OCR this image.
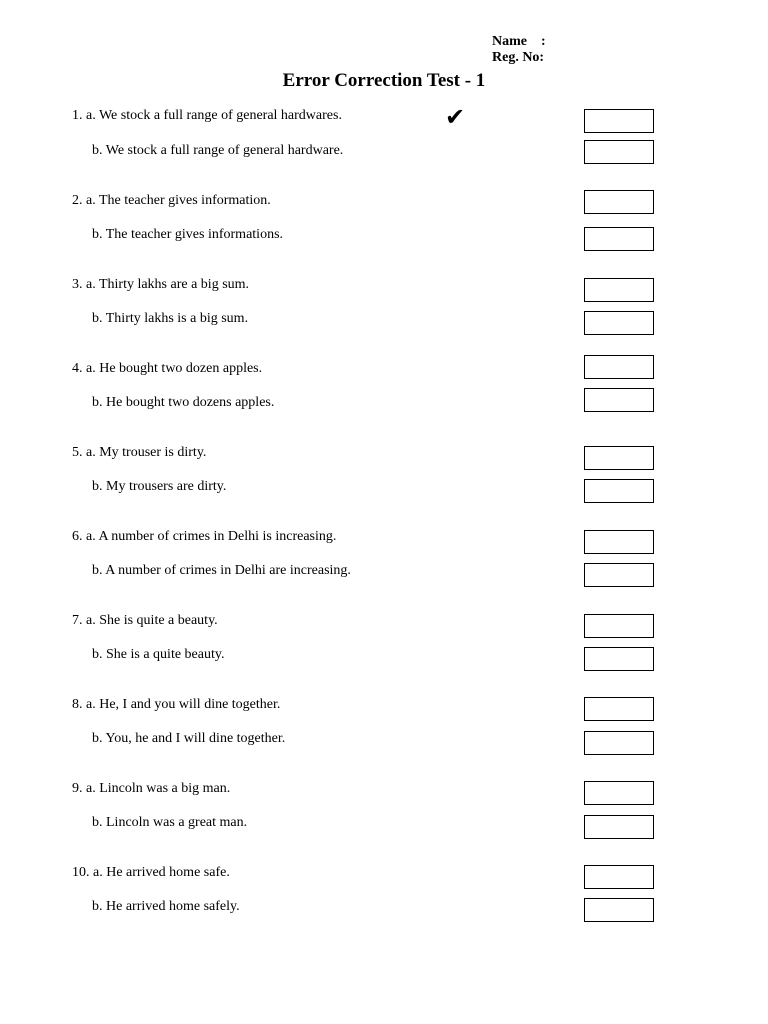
Name    :
Reg. No:
Error Correction Test - 1
✔
1. a. We stock a full range of general hardwares.
b. We stock a full range of general hardware.
2. a. The teacher gives information.
b. The teacher gives informations.
3. a. Thirty lakhs are a big sum.
b. Thirty lakhs is a big sum.
4. a. He bought two dozen apples.
b. He bought two dozens apples.
5. a. My trouser is dirty.
b. My trousers are dirty.
6. a. A number of crimes in Delhi is increasing.
b. A number of crimes in Delhi are increasing.
7. a. She is quite a beauty.
b. She is a quite beauty.
8. a. He, I and you will dine together.
b. You, he and I will dine together.
9. a. Lincoln was a big man.
b. Lincoln was a great man.
10. a. He arrived home safe.
b. He arrived home safely.
